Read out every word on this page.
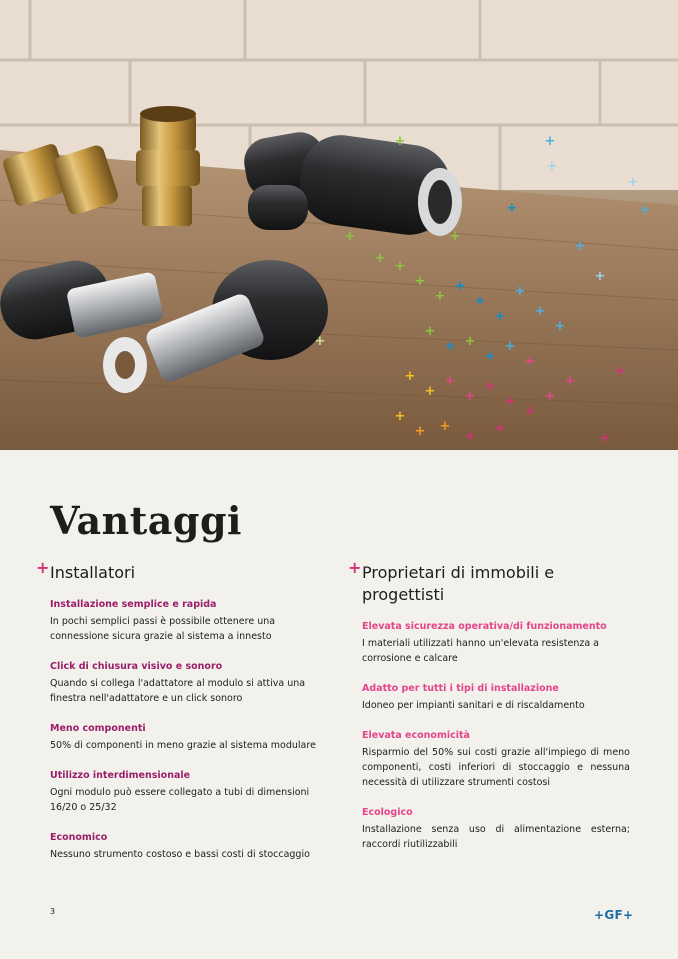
+
+
+
+
+
+
+
+
+
+
+ +
+
+
+
+
+
+
+
+
+
+
+
+
+
+ +
+
+
+
+
+
+
+
+
+
+
+
+
+
+
+
+
Vantaggi
+ Installatori
Installazione semplice e rapida
In pochi semplici passi è possibile ottenere una connessione sicura grazie al sistema a innesto
Click di chiusura visivo e sonoro
Quando si collega l'adattatore al modulo si attiva una finestra nell'adattatore e un click sonoro
Meno componenti
50% di componenti in meno grazie al sistema modulare
Utilizzo interdimensionale
Ogni modulo può essere collegato a tubi di dimensioni 16/20 o 25/32
Economico
Nessuno strumento costoso e bassi costi di stoccaggio
+ Proprietari di immobili e progettisti
Elevata sicurezza operativa/di funzionamento
I materiali utilizzati hanno un'elevata resistenza a corrosione e calcare
Adatto per tutti i tipi di installazione
Idoneo per impianti sanitari e di riscaldamento
Elevata economicità
Risparmio del 50% sui costi grazie all'impiego di meno componenti, costi inferiori di stoccaggio e nessuna necessità di utilizzare strumenti costosi
Ecologico
Installazione senza uso di alimentazione esterna; raccordi riutilizzabili
3	+GF+
